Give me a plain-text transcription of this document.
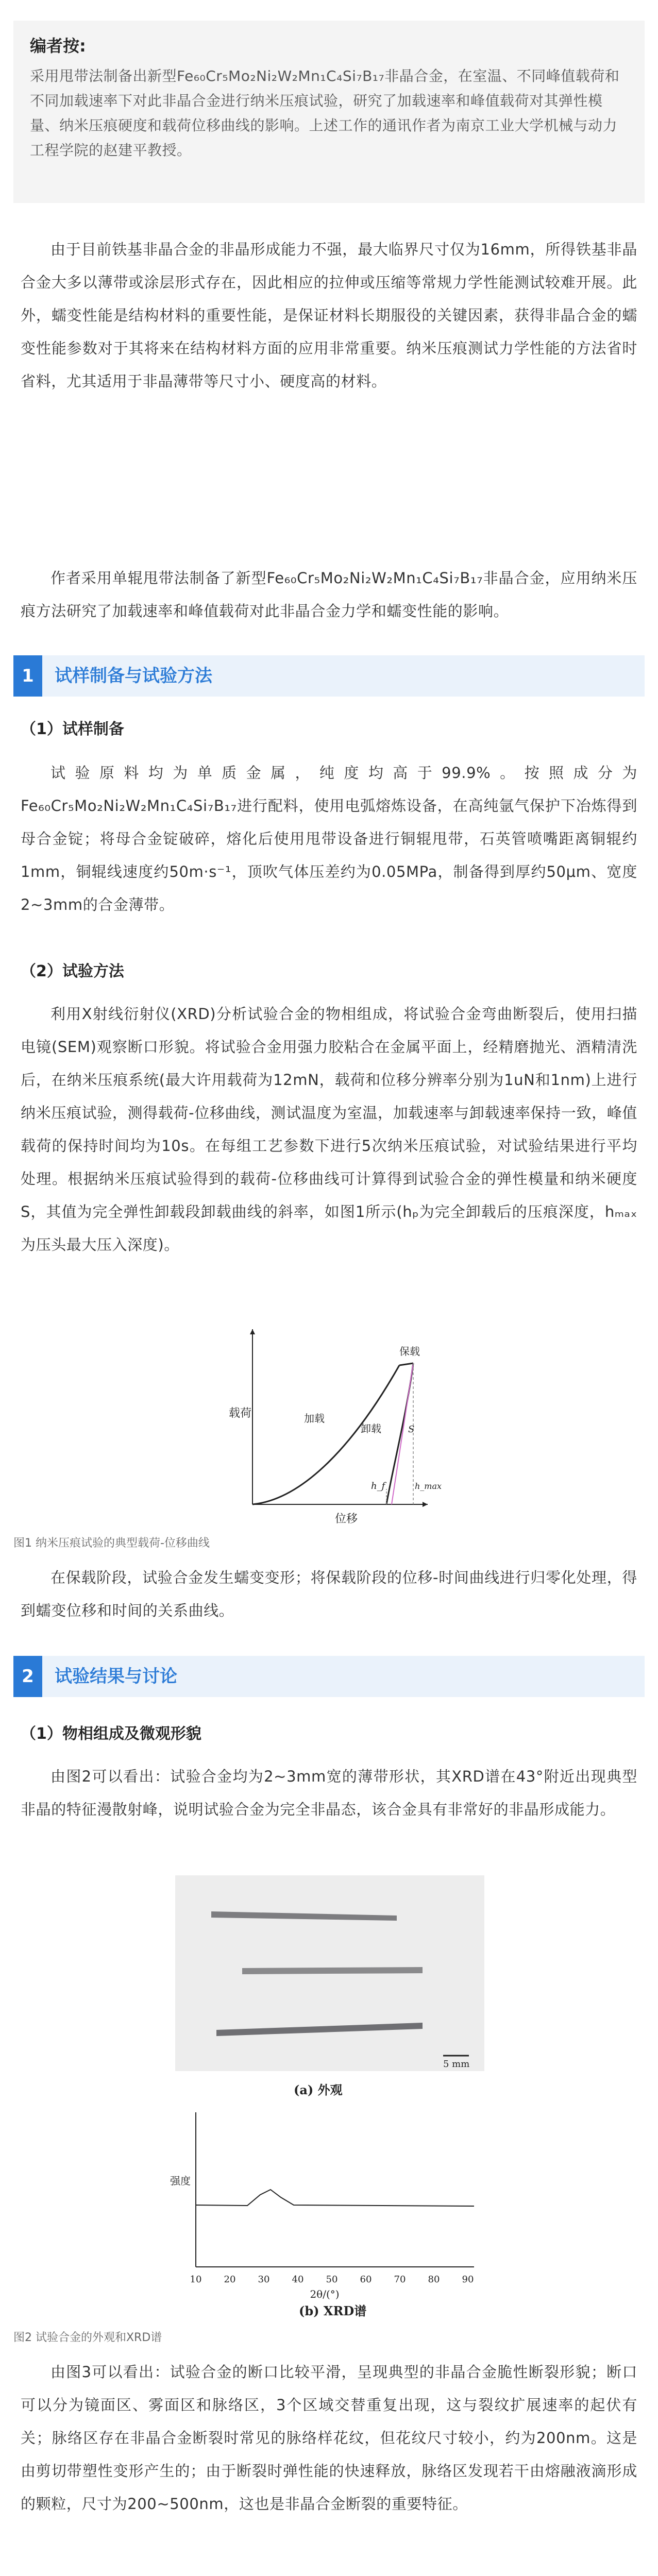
编者按:

采用甩带法制备出新型Fe₆₀Cr₅Mo₂Ni₂W₂Mn₁C₄Si₇B₁₇非晶合金，在室温、不同峰值载荷和不同加载速率下对此非晶合金进行纳米压痕试验，研究了加载速率和峰值载荷对其弹性模量、纳米压痕硬度和载荷位移曲线的影响。上述工作的通讯作者为南京工业大学机械与动力工程学院的赵建平教授。

由于目前铁基非晶合金的非晶形成能力不强，最大临界尺寸仅为16mm，所得铁基非晶合金大多以薄带或涂层形式存在，因此相应的拉伸或压缩等常规力学性能测试较难开展。此外，蠕变性能是结构材料的重要性能，是保证材料长期服役的关键因素，获得非晶合金的蠕变性能参数对于其将来在结构材料方面的应用非常重要。纳米压痕测试力学性能的方法省时省料，尤其适用于非晶薄带等尺寸小、硬度高的材料。

作者采用单辊甩带法制备了新型Fe₆₀Cr₅Mo₂Ni₂W₂Mn₁C₄Si₇B₁₇非晶合金，应用纳米压痕方法研究了加载速率和峰值载荷对此非晶合金力学和蠕变性能的影响。

1	试样制备与试验方法
（1）试样制备

试验原料均为单质金属，纯度均高于99.9%。按照成分为Fe₆₀Cr₅Mo₂Ni₂W₂Mn₁C₄Si₇B₁₇进行配料，使用电弧熔炼设备，在高纯氩气保护下冶炼得到母合金锭；将母合金锭破碎，熔化后使用甩带设备进行铜辊甩带，石英管喷嘴距离铜辊约1mm，铜辊线速度约50m·s⁻¹，顶吹气体压差约为0.05MPa，制备得到厚约50μm、宽度2~3mm的合金薄带。

（2）试验方法

利用X射线衍射仪(XRD)分析试验合金的物相组成，将试验合金弯曲断裂后，使用扫描电镜(SEM)观察断口形貌。将试验合金用强力胶粘合在金属平面上，经精磨抛光、酒精清洗后，在纳米压痕系统(最大许用载荷为12mN，载荷和位移分辨率分别为1uN和1nm)上进行纳米压痕试验，测得载荷-位移曲线，测试温度为室温，加载速率与卸载速率保持一致，峰值载荷的保持时间均为10s。在每组工艺参数下进行5次纳米压痕试验，对试验结果进行平均处理。根据纳米压痕试验得到的载荷-位移曲线可计算得到试验合金的弹性模量和纳米硬度S，其值为完全弹性卸载段卸载曲线的斜率，如图1所示(hₚ为完全卸载后的压痕深度，hₘₐₓ为压头最大压入深度)。

载荷
位移
加载
卸载
保载
h_f	h_max
S
图1 纳米压痕试验的典型载荷-位移曲线

在保载阶段，试验合金发生蠕变变形；将保载阶段的位移-时间曲线进行归零化处理，得到蠕变位移和时间的关系曲线。

2	试验结果与讨论
（1）物相组成及微观形貌

由图2可以看出：试验合金均为2~3mm宽的薄带形状，其XRD谱在43°附近出现典型非晶的特征漫散射峰，说明试验合金为完全非晶态，该合金具有非常好的非晶形成能力。

5 mm
(a) 外观
强度
10 20 30 40 50 60 70 80 90
2θ/(°)
(b) XRD谱
图2 试验合金的外观和XRD谱

由图3可以看出：试验合金的断口比较平滑，呈现典型的非晶合金脆性断裂形貌；断口可以分为镜面区、雾面区和脉络区，3个区域交替重复出现，这与裂纹扩展速率的起伏有关；脉络区存在非晶合金断裂时常见的脉络样花纹，但花纹尺寸较小，约为200nm。这是由剪切带塑性变形产生的；由于断裂时弹性能的快速释放，脉络区发现若干由熔融液滴形成的颗粒，尺寸为200~500nm，这也是非晶合金断裂的重要特征。
